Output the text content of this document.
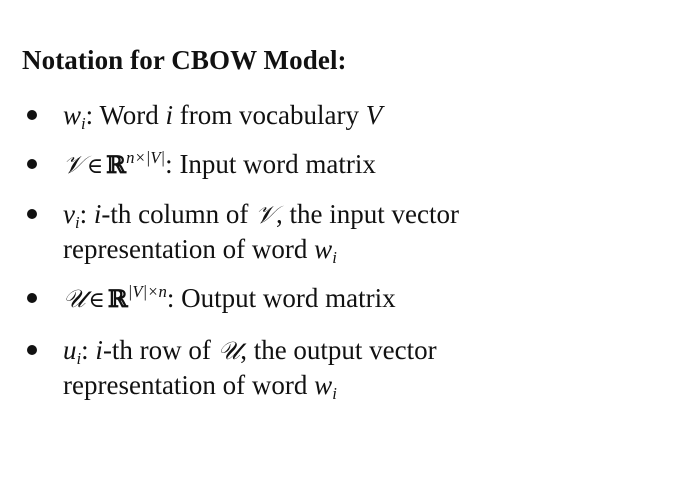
Notation for CBOW Model:
$w_i$: Word i from vocabulary V
𝒱 ∈ ℝ$^{n\times|V|}$: Input word matrix
$v_i$: i-th column of 𝒱, the input vector
representation of word $w_i$
𝒰 ∈ ℝ$^{|V|\times n}$: Output word matrix
$u_i$: i-th row of 𝒰, the output vector
representation of word $w_i$
